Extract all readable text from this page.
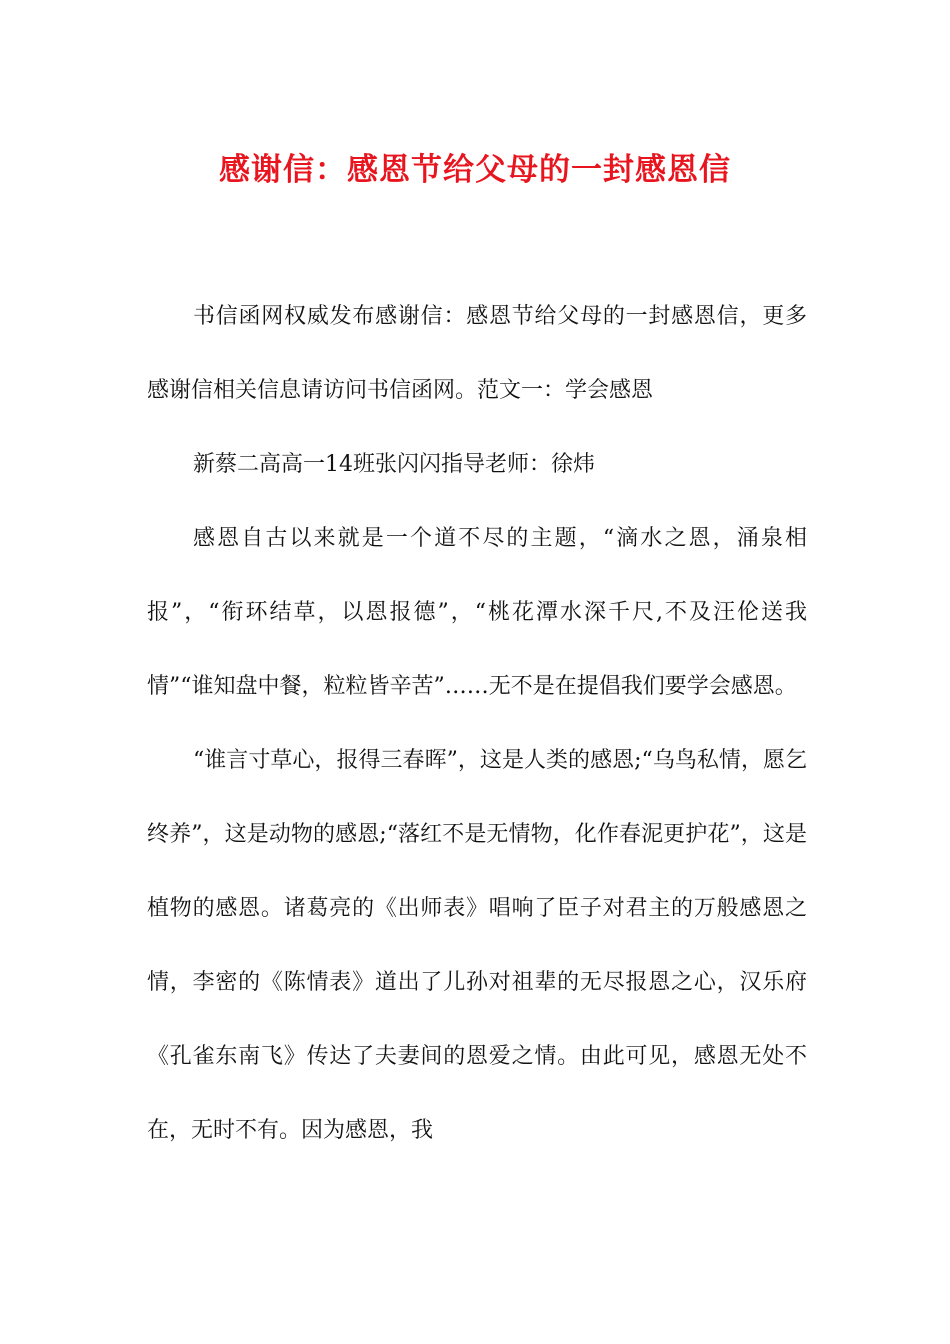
感谢信：感恩节给父母的一封感恩信

书信函网权威发布感谢信：感恩节给父母的一封感恩信，更多感谢信相关信息请访问书信函网。范文一：学会感恩

新蔡二高高一14班张闪闪指导老师：徐炜

感恩自古以来就是一个道不尽的主题，“滴水之恩，涌泉相报”，“衔环结草，以恩报德”，“桃花潭水深千尺,不及汪伦送我情”“谁知盘中餐，粒粒皆辛苦”……无不是在提倡我们要学会感恩。

“谁言寸草心，报得三春晖”，这是人类的感恩;“乌鸟私情，愿乞终养”，这是动物的感恩;“落红不是无情物，化作春泥更护花”，这是植物的感恩。诸葛亮的《出师表》唱响了臣子对君主的万般感恩之情，李密的《陈情表》道出了儿孙对祖辈的无尽报恩之心，汉乐府《孔雀东南飞》传达了夫妻间的恩爱之情。由此可见，感恩无处不在，无时不有。因为感恩，我
